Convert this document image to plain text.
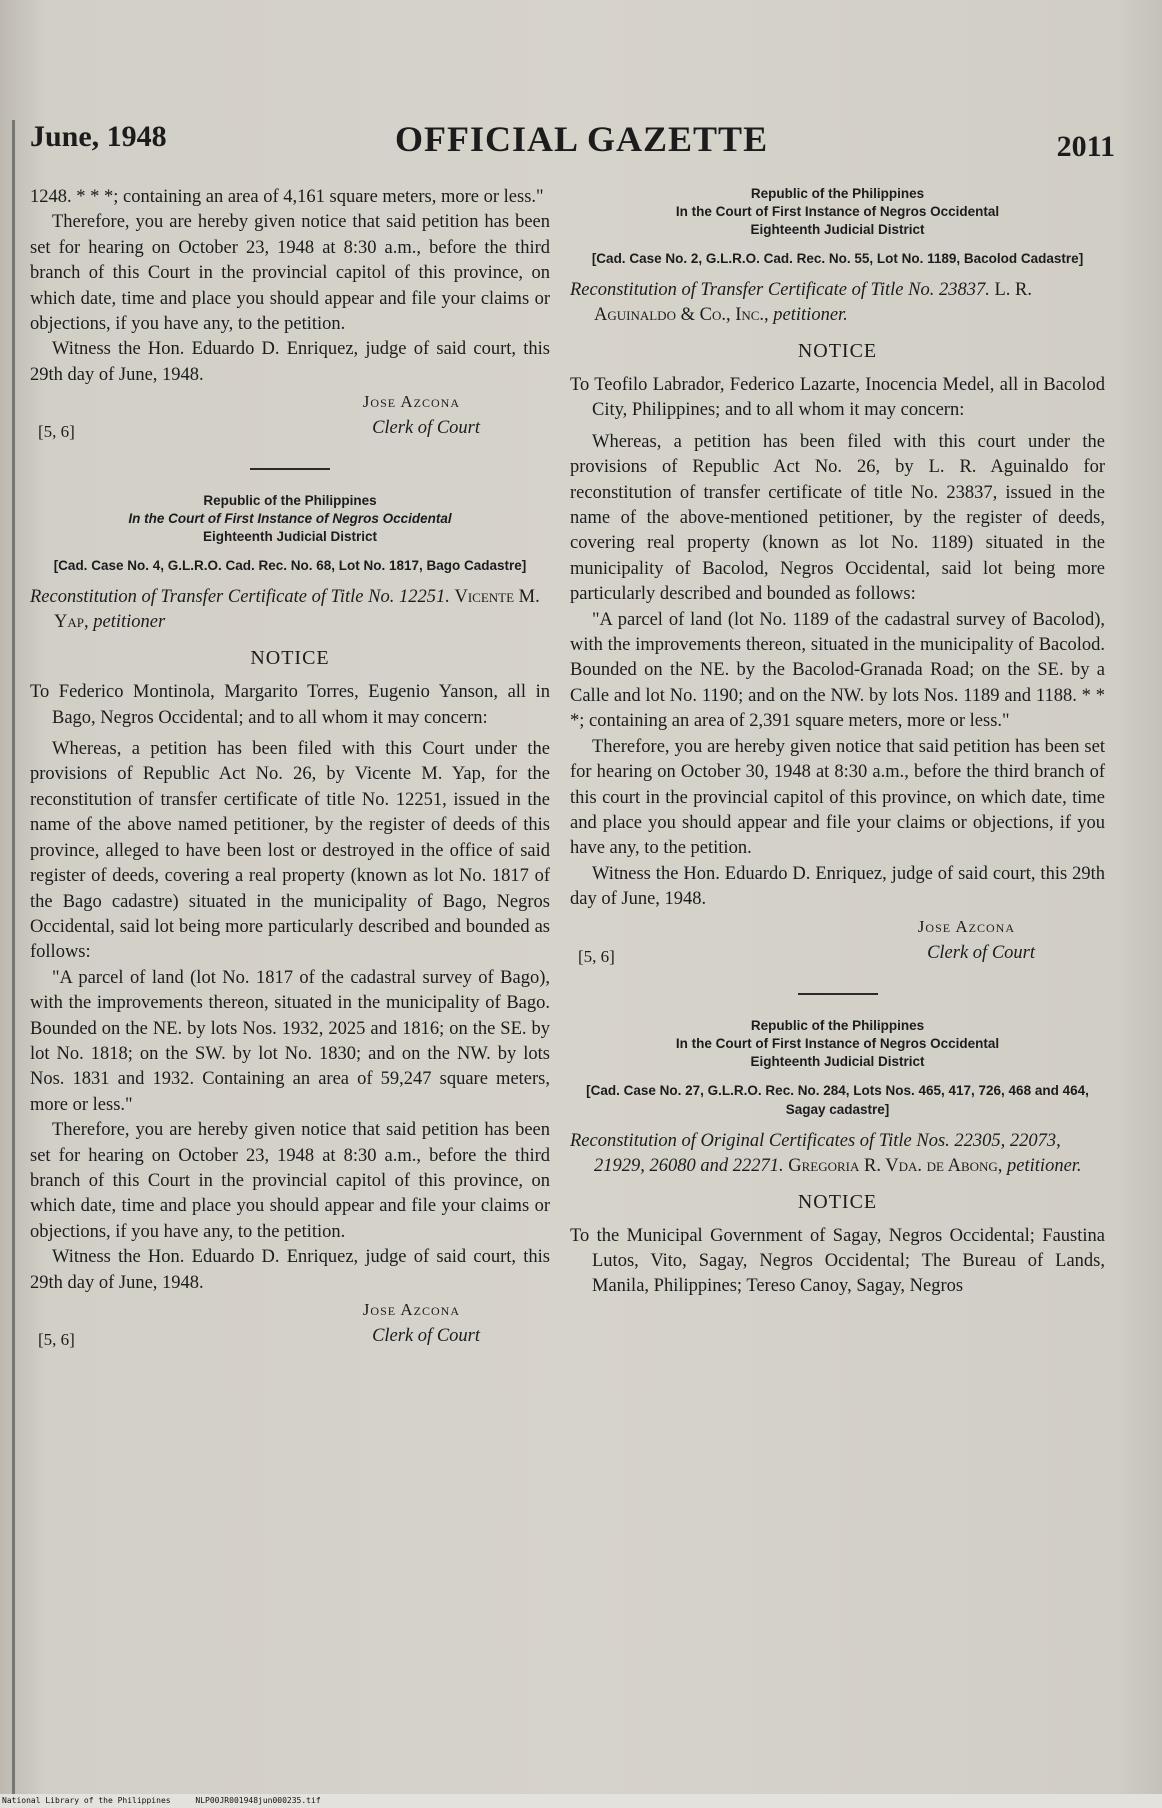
June, 1948	OFFICIAL GAZETTE	2011

1248. * * *; containing an area of 4,161 square meters, more or less."

Therefore, you are hereby given notice that said petition has been set for hearing on October 23, 1948 at 8:30 a.m., before the third branch of this Court in the provincial capitol of this province, on which date, time and place you should appear and file your claims or objections, if you have any, to the petition.

Witness the Hon. Eduardo D. Enriquez, judge of said court, this 29th day of June, 1948.

Jose Azcona
Clerk of Court
[5, 6]

Republic of the Philippines

In the Court of First Instance of Negros Occidental

Eighteenth Judicial District

[Cad. Case No. 4, G.L.R.O. Cad. Rec. No. 68, Lot No. 1817, Bago Cadastre]

Reconstitution of Transfer Certificate of Title No. 12251. Vicente M. Yap, petitioner

NOTICE

To Federico Montinola, Margarito Torres, Eugenio Yanson, all in Bago, Negros Occidental; and to all whom it may concern:

Whereas, a petition has been filed with this Court under the provisions of Republic Act No. 26, by Vicente M. Yap, for the reconstitution of transfer certificate of title No. 12251, issued in the name of the above named petitioner, by the register of deeds of this province, alleged to have been lost or destroyed in the office of said register of deeds, covering a real property (known as lot No. 1817 of the Bago cadastre) situated in the municipality of Bago, Negros Occidental, said lot being more particularly described and bounded as follows:

"A parcel of land (lot No. 1817 of the cadastral survey of Bago), with the improvements thereon, situated in the municipality of Bago. Bounded on the NE. by lots Nos. 1932, 2025 and 1816; on the SE. by lot No. 1818; on the SW. by lot No. 1830; and on the NW. by lots Nos. 1831 and 1932. Containing an area of 59,247 square meters, more or less."

Therefore, you are hereby given notice that said petition has been set for hearing on October 23, 1948 at 8:30 a.m., before the third branch of this Court in the provincial capitol of this province, on which date, time and place you should appear and file your claims or objections, if you have any, to the petition.

Witness the Hon. Eduardo D. Enriquez, judge of said court, this 29th day of June, 1948.

Jose Azcona
Clerk of Court
[5, 6]

Republic of the Philippines

In the Court of First Instance of Negros Occidental

Eighteenth Judicial District

[Cad. Case No. 2, G.L.R.O. Cad. Rec. No. 55, Lot No. 1189, Bacolod Cadastre]

Reconstitution of Transfer Certificate of Title No. 23837. L. R. Aguinaldo & Co., Inc., petitioner.

NOTICE

To Teofilo Labrador, Federico Lazarte, Inocencia Medel, all in Bacolod City, Philippines; and to all whom it may concern:

Whereas, a petition has been filed with this court under the provisions of Republic Act No. 26, by L. R. Aguinaldo for reconstitution of transfer certificate of title No. 23837, issued in the name of the above-mentioned petitioner, by the register of deeds, covering real property (known as lot No. 1189) situated in the municipality of Bacolod, Negros Occidental, said lot being more particularly described and bounded as follows:

"A parcel of land (lot No. 1189 of the cadastral survey of Bacolod), with the improvements thereon, situated in the municipality of Bacolod. Bounded on the NE. by the Bacolod-Granada Road; on the SE. by a Calle and lot No. 1190; and on the NW. by lots Nos. 1189 and 1188. * * *; containing an area of 2,391 square meters, more or less."

Therefore, you are hereby given notice that said petition has been set for hearing on October 30, 1948 at 8:30 a.m., before the third branch of this court in the provincial capitol of this province, on which date, time and place you should appear and file your claims or objections, if you have any, to the petition.

Witness the Hon. Eduardo D. Enriquez, judge of said court, this 29th day of June, 1948.

Jose Azcona
Clerk of Court
[5, 6]

Republic of the Philippines

In the Court of First Instance of Negros Occidental

Eighteenth Judicial District

[Cad. Case No. 27, G.L.R.O. Rec. No. 284, Lots Nos. 465, 417, 726, 468 and 464, Sagay cadastre]

Reconstitution of Original Certificates of Title Nos. 22305, 22073, 21929, 26080 and 22271. Gregoria R. Vda. de Abong, petitioner.

NOTICE

To the Municipal Government of Sagay, Negros Occidental; Faustina Lutos, Vito, Sagay, Negros Occidental; The Bureau of Lands, Manila, Philippines; Tereso Canoy, Sagay, Negros

National Library of the Philippines	NLP00JR001948jun000235.tif
